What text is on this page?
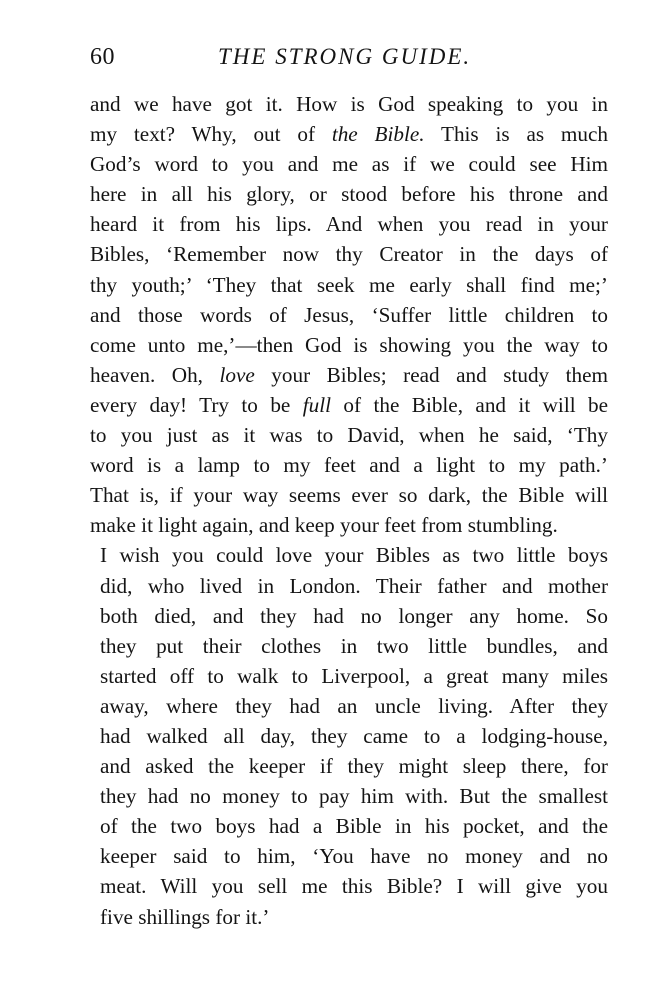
60	THE STRONG GUIDE.
and we have got it. How is God speaking to you in
my text? Why, out of the Bible. This is as much
God’s word to you and me as if we could see Him
here in all his glory, or stood before his throne and
heard it from his lips. And when you read in your
Bibles, ‘Remember now thy Creator in the days of
thy youth;’ ‘They that seek me early shall find me;’
and those words of Jesus, ‘Suffer little children to
come unto me,’—then God is showing you the way to
heaven. Oh, love your Bibles; read and study them
every day! Try to be full of the Bible, and it will be
to you just as it was to David, when he said, ‘Thy
word is a lamp to my feet and a light to my path.’
That is, if your way seems ever so dark, the Bible will
make it light again, and keep your feet from stumbling.
I wish you could love your Bibles as two little boys
did, who lived in London. Their father and mother
both died, and they had no longer any home. So
they put their clothes in two little bundles, and
started off to walk to Liverpool, a great many miles
away, where they had an uncle living. After they
had walked all day, they came to a lodging-house,
and asked the keeper if they might sleep there, for
they had no money to pay him with. But the smallest
of the two boys had a Bible in his pocket, and the
keeper said to him, ‘You have no money and no
meat. Will you sell me this Bible? I will give you
five shillings for it.’
